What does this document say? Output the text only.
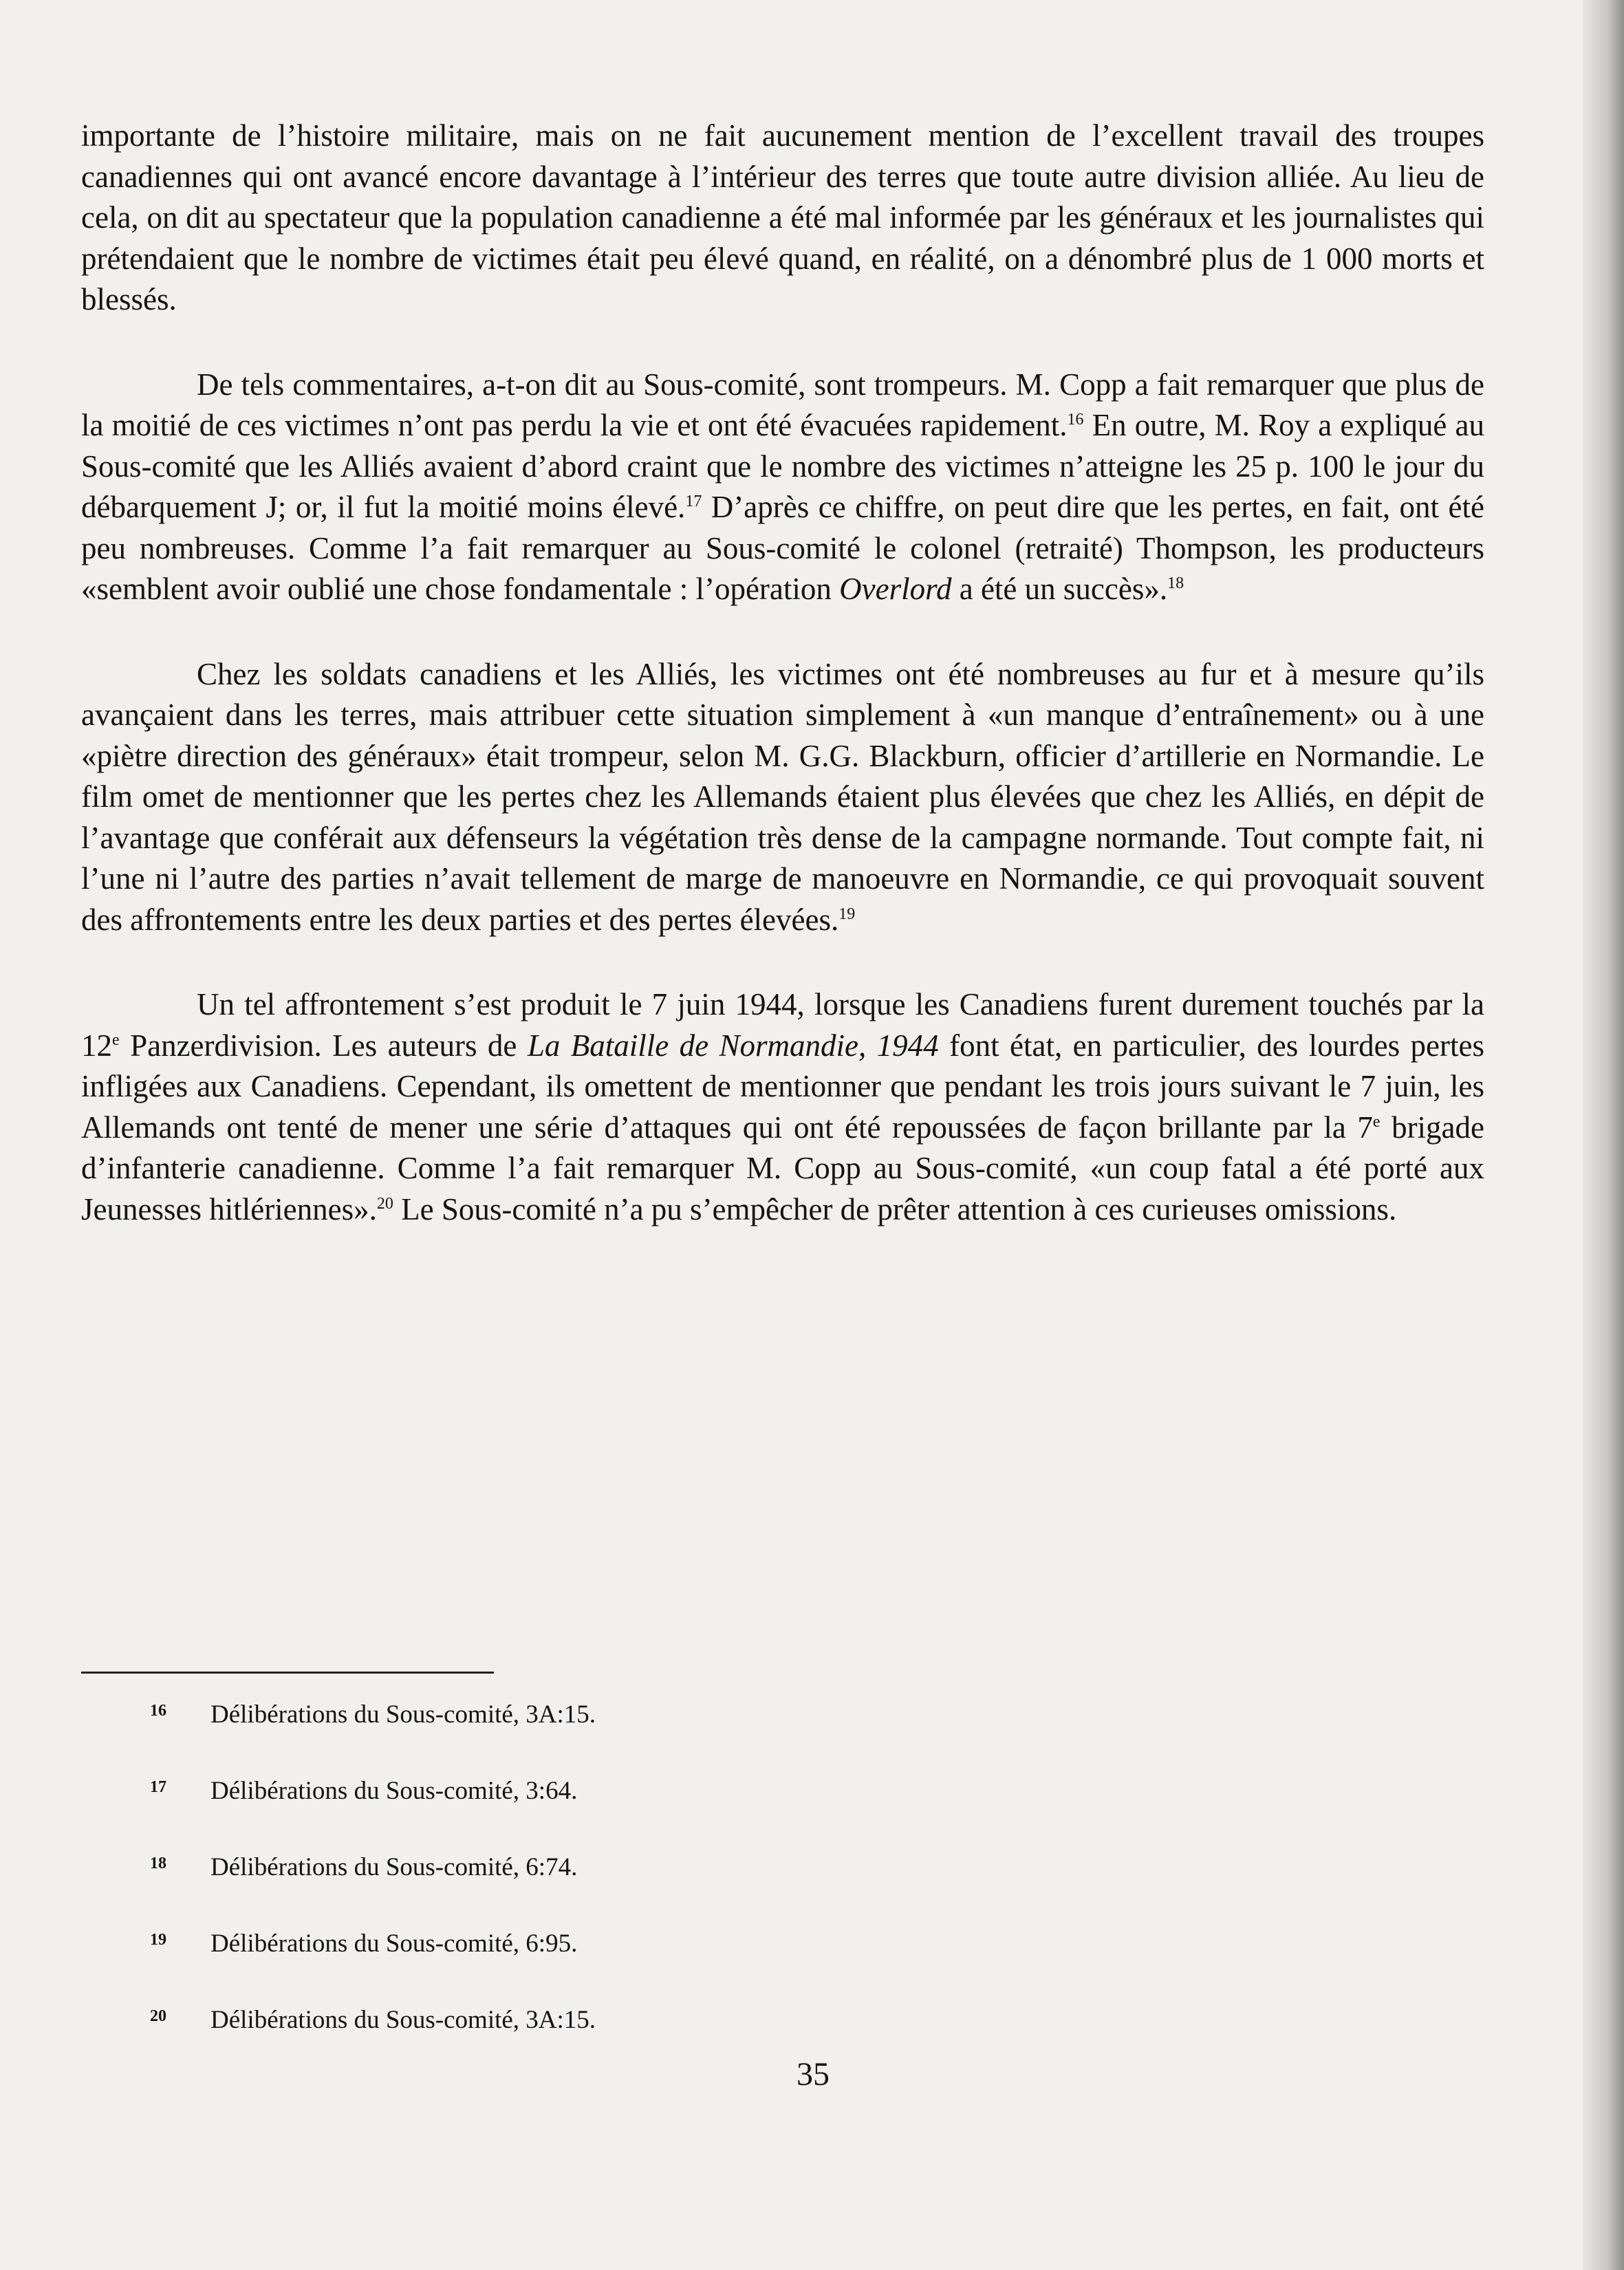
importante de l’histoire militaire, mais on ne fait aucunement mention de l’excellent travail des troupes canadiennes qui ont avancé encore davantage à l’intérieur des terres que toute autre division alliée. Au lieu de cela, on dit au spectateur que la population canadienne a été mal informée par les généraux et les journalistes qui prétendaient que le nombre de victimes était peu élevé quand, en réalité, on a dénombré plus de 1 000 morts et blessés.

De tels commentaires, a-t-on dit au Sous-comité, sont trompeurs. M. Copp a fait remarquer que plus de la moitié de ces victimes n’ont pas perdu la vie et ont été évacuées rapidement.$^{16}$ En outre, M. Roy a expliqué au Sous-comité que les Alliés avaient d’abord craint que le nombre des victimes n’atteigne les 25 p. 100 le jour du débarquement J; or, il fut la moitié moins élevé.$^{17}$ D’après ce chiffre, on peut dire que les pertes, en fait, ont été peu nombreuses. Comme l’a fait remarquer au Sous-comité le colonel (retraité) Thompson, les producteurs «semblent avoir oublié une chose fondamentale : l’opération Overlord a été un succès».$^{18}$

Chez les soldats canadiens et les Alliés, les victimes ont été nombreuses au fur et à mesure qu’ils avançaient dans les terres, mais attribuer cette situation simplement à «un manque d’entraînement» ou à une «piètre direction des généraux» était trompeur, selon M. G.G. Blackburn, officier d’artillerie en Normandie. Le film omet de mentionner que les pertes chez les Allemands étaient plus élevées que chez les Alliés, en dépit de l’avantage que conférait aux défenseurs la végétation très dense de la campagne normande. Tout compte fait, ni l’une ni l’autre des parties n’avait tellement de marge de manoeuvre en Normandie, ce qui provoquait souvent des affrontements entre les deux parties et des pertes élevées.$^{19}$

Un tel affrontement s’est produit le 7 juin 1944, lorsque les Canadiens furent durement touchés par la 12e Panzerdivision. Les auteurs de La Bataille de Normandie, 1944 font état, en particulier, des lourdes pertes infligées aux Canadiens. Cependant, ils omettent de mentionner que pendant les trois jours suivant le 7 juin, les Allemands ont tenté de mener une série d’attaques qui ont été repoussées de façon brillante par la 7e brigade d’infanterie canadienne. Comme l’a fait remarquer M. Copp au Sous-comité, «un coup fatal a été porté aux Jeunesses hitlériennes».$^{20}$ Le Sous-comité n’a pu s’empêcher de prêter attention à ces curieuses omissions.

16 Délibérations du Sous-comité, 3A:15.
17 Délibérations du Sous-comité, 3:64.
18 Délibérations du Sous-comité, 6:74.
19 Délibérations du Sous-comité, 6:95.
20 Délibérations du Sous-comité, 3A:15.
35
